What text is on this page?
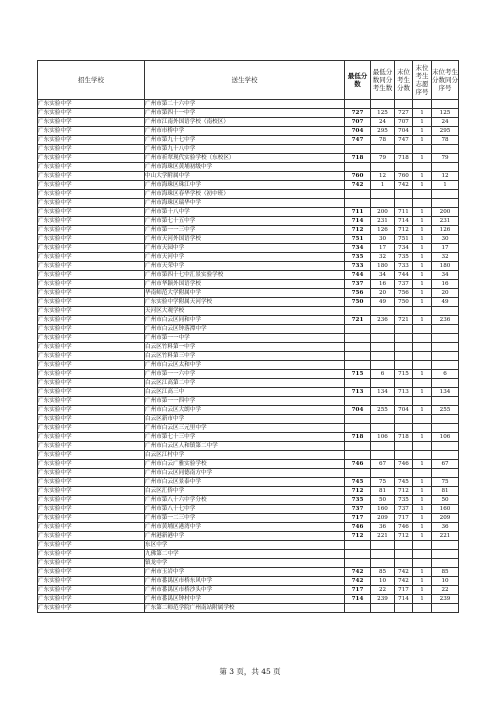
招生学校	送生学校	最低分数	最低分数同分考生数	末位考生分数	末位考生志愿序号	末位考生分数同分序号
广东实验中学	广州市第二十六中学					
广东实验中学	广州市第四十一中学	727	125	727	1	125
广东实验中学	广州市江南外国语学校（南校区）	707	24	707	1	24
广东实验中学	广州市市桥中学	704	295	704	1	295
广东实验中学	广州市第九十七中学	747	78	747	1	78
广东实验中学	广州市第九十八中学					
广东实验中学	广州市祈翠现代实验学校（东校区）	718	79	718	1	79
广东实验中学	广州市海珠区黄埔初级中学					
广东实验中学	中山大学附属中学	760	12	760	1	12
广东实验中学	广州市海珠区珠江中学	742	1	742	1	1
广东实验中学	广州市海珠区春华学校（初中班）					
广东实验中学	广州市海珠区瑞华中学					
广东实验中学	广州市第十八中学	711	200	711	1	200
广东实验中学	广州市第七十五中学	714	231	714	1	231
广东实验中学	广州市第一一三中学	712	126	712	1	126
广东实验中学	广州市天河外国语学校	751	30	751	1	30
广东实验中学	广州市天园中学	734	17	734	1	17
广东实验中学	广州市天河中学	735	32	735	1	32
广东实验中学	广州市天荣中学	733	180	733	1	180
广东实验中学	广州市第四十七中汇景实验学校	744	34	744	1	34
广东实验中学	广州市华颖外国语学校	737	16	737	1	16
广东实验中学	华南师范大学附属中学	756	20	756	1	20
广东实验中学	广东实验中学附属天河学校	750	49	750	1	49
广东实验中学	天河区大观学校					
广东实验中学	广州市白云区同和中学	721	236	721	1	236
广东实验中学	广州市白云区钟落潭中学					
广东实验中学	广州市第一一中学					
广东实验中学	白云区竹料第一中学					
广东实验中学	白云区竹料第三中学					
广东实验中学	广州市白云区太和中学					
广东实验中学	广州市第一一六中学	715	6	715	1	6
广东实验中学	白云区江高第二中学					
广东实验中学	白云区江高三中	713	134	713	1	134
广东实验中学	广州市第一一四中学					
广东实验中学	广州市白云区大朗中学	704	255	704	1	255
广东实验中学	白云区新市中学					
广东实验中学	广州市白云区三元里中学					
广东实验中学	广州市第七十三中学	718	106	718	1	106
广东实验中学	广州市白云区人和镇第二中学					
广东实验中学	白云区江村中学					
广东实验中学	广州市白云广雅实验学校	746	67	746	1	67
广东实验中学	广州市白云区同德南方中学					
广东实验中学	广州市白云区景泰中学	745	75	745	1	75
广东实验中学	白云区汇侨中学	712	81	712	1	81
广东实验中学	广州市第八十六中学分校	735	50	735	1	50
广东实验中学	广州市第八十七中学	737	160	737	1	160
广东实验中学	广州市第一二三中学	717	209	717	1	209
广东实验中学	广州市黄埔区港湾中学	746	36	746	1	36
广东实验中学	广州港新港中学	712	221	712	1	221
广东实验中学	东区中学					
广东实验中学	九佛第二中学					
广东实验中学	镇龙中学					
广东实验中学	广州市玉岩中学	742	85	742	1	85
广东实验中学	广州市番禺区市桥东风中学	742	10	742	1	10
广东实验中学	广州市番禺区市桥沙头中学	717	22	717	1	22
广东实验中学	广州市番禺区钟村中学	714	239	714	1	239
广东实验中学	广东第二师范学院广州南站附属学校					
第 3 页，共 45 页
